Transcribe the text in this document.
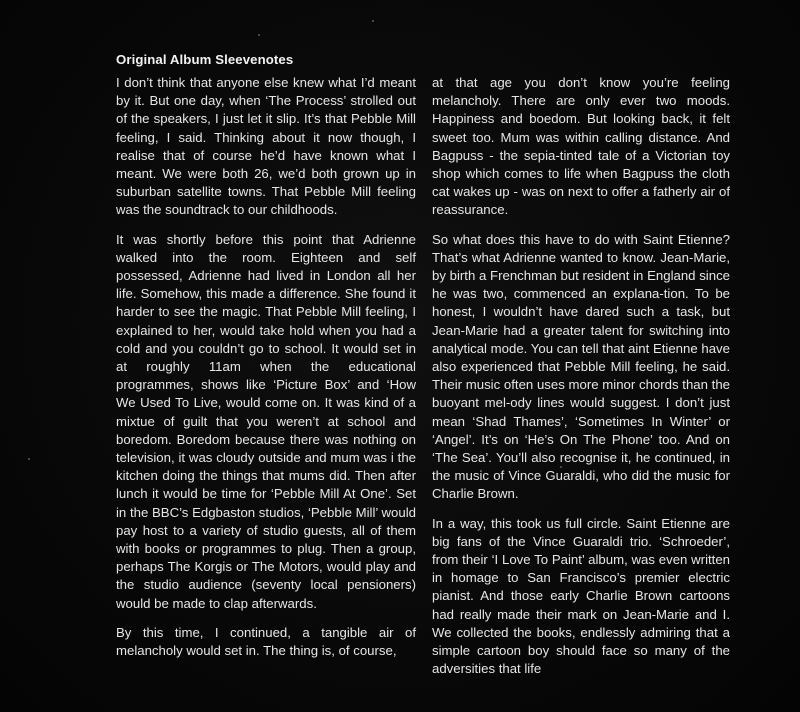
Original Album Sleevenotes

I don’t think that anyone else knew what I’d meant by it. But one day, when ‘The Process’ strolled out of the speakers, I just let it slip. It’s that Pebble Mill feeling, I said. Thinking about it now though, I realise that of course he’d have known what I meant. We were both 26, we’d both grown up in suburban satellite towns. That Pebble Mill feeling was the soundtrack to our childhoods.

It was shortly before this point that Adrienne walked into the room. Eighteen and self possessed, Adrienne had lived in London all her life. Somehow, this made a difference. She found it harder to see the magic. That Pebble Mill feeling, I explained to her, would take hold when you had a cold and you couldn’t go to school. It would set in at roughly 11am when the educational programmes, shows like ‘Picture Box’ and ‘How We Used To Live, would come on. It was kind of a mixtue of guilt that you weren’t at school and boredom. Boredom because there was nothing on television, it was cloudy outside and mum was i the kitchen doing the things that mums did. Then after lunch it would be time for ‘Pebble Mill At One’. Set in the BBC’s Edgbaston studios, ‘Pebble Mill’ would pay host to a variety of studio guests, all of them with books or programmes to plug. Then a group, perhaps The Korgis or The Motors, would play and the studio audience (seventy local pensioners) would be made to clap afterwards.

By this time, I continued, a tangible air of melancholy would set in. The thing is, of course,

at that age you don’t know you’re feeling melancholy. There are only ever two moods. Happiness and boedom. But looking back, it felt sweet too. Mum was within calling distance. And Bagpuss - the sepia-tinted tale of a Victorian toy shop which comes to life when Bagpuss the cloth cat wakes up - was on next to offer a fatherly air of reassurance.

So what does this have to do with Saint Etienne? That’s what Adrienne wanted to know. Jean-Marie, by birth a Frenchman but resident in England since he was two, commenced an explana-tion. To be honest, I wouldn’t have dared such a task, but Jean-Marie had a greater talent for switching into analytical mode. You can tell that aint Etienne have also experienced that Pebble Mill feeling, he said. Their music often uses more minor chords than the buoyant mel-ody lines would suggest. I don’t just mean ‘Shad Thames’, ‘Sometimes In Winter’ or ‘Angel’. It’s on ‘He’s On The Phone’ too. And on ‘The Sea’. You’ll also recognise it, he continued, in the music of Vince Guaraldi, who did the music for Charlie Brown.

In a way, this took us full circle. Saint Etienne are big fans of the Vince Guaraldi trio. ‘Schroeder’, from their ‘I Love To Paint’ album, was even written in homage to San Francisco’s premier electric pianist. And those early Charlie Brown cartoons had really made their mark on Jean-Marie and I. We collected the books, endlessly admiring that a simple cartoon boy should face so many of the adversities that life
